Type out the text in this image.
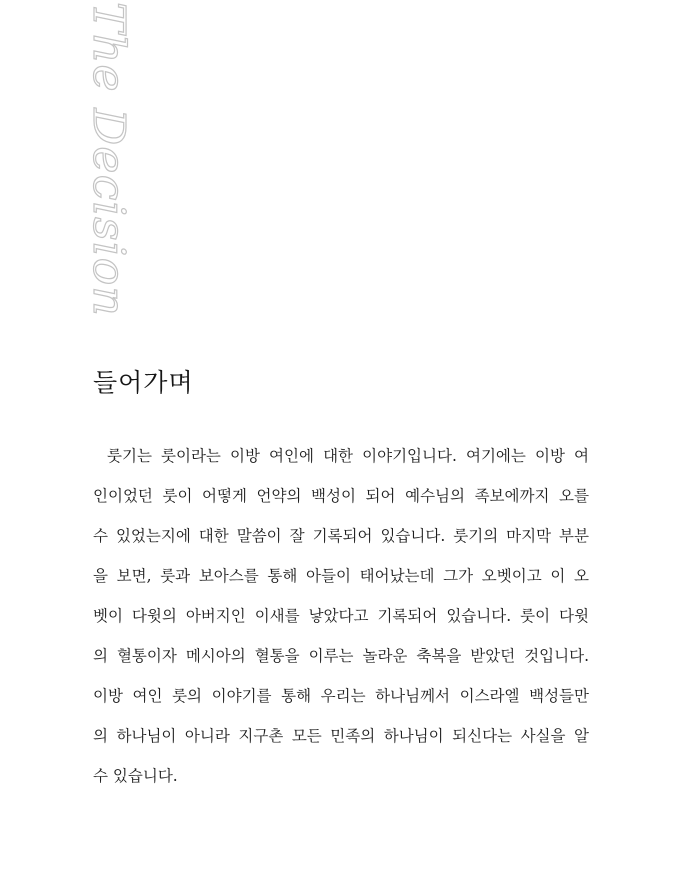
The Decision
들어가며
룻기는 룻이라는 이방 여인에 대한 이야기입니다. 여기에는 이방 여
인이었던 룻이 어떻게 언약의 백성이 되어 예수님의 족보에까지 오를
수 있었는지에 대한 말씀이 잘 기록되어 있습니다. 룻기의 마지막 부분
을 보면, 룻과 보아스를 통해 아들이 태어났는데 그가 오벳이고 이 오
벳이 다윗의 아버지인 이새를 낳았다고 기록되어 있습니다. 룻이 다윗
의 혈통이자 메시아의 혈통을 이루는 놀라운 축복을 받았던 것입니다.
이방 여인 룻의 이야기를 통해 우리는 하나님께서 이스라엘 백성들만
의 하나님이 아니라 지구촌 모든 민족의 하나님이 되신다는 사실을 알
수 있습니다.
